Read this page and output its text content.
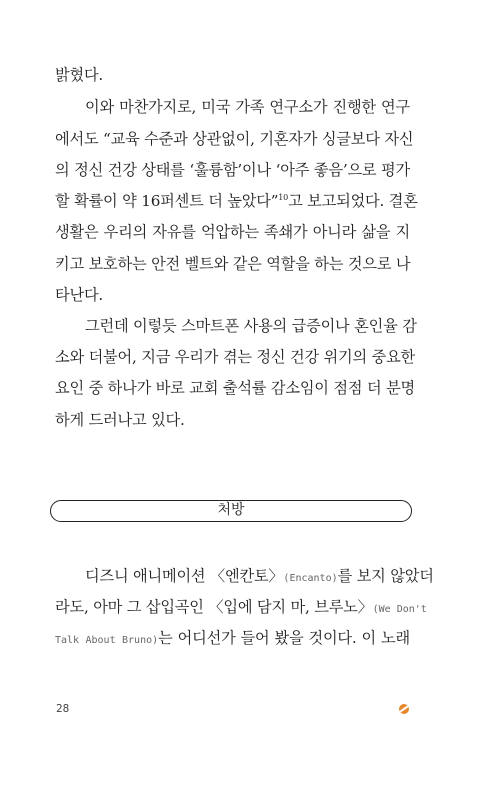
밝혔다.
이와 마찬가지로, 미국 가족 연구소가 진행한 연구
에서도 “교육 수준과 상관없이, 기혼자가 싱글보다 자신
의 정신 건강 상태를 ‘훌륭함’이나 ‘아주 좋음’으로 평가
할 확률이 약 16퍼센트 더 높았다”$^{10}$고 보고되었다. 결혼
생활은 우리의 자유를 억압하는 족쇄가 아니라 삶을 지
키고 보호하는 안전 벨트와 같은 역할을 하는 것으로 나
타난다.
그런데 이렇듯 스마트폰 사용의 급증이나 혼인율 감
소와 더불어, 지금 우리가 겪는 정신 건강 위기의 중요한
요인 중 하나가 바로 교회 출석률 감소임이 점점 더 분명
하게 드러나고 있다.
처방
디즈니 애니메이션 〈엔칸토〉(Encanto)를 보지 않았더
라도, 아마 그 삽입곡인 〈입에 담지 마, 브루노〉(We Don't
Talk About Bruno)는 어디선가 들어 봤을 것이다. 이 노래
28
